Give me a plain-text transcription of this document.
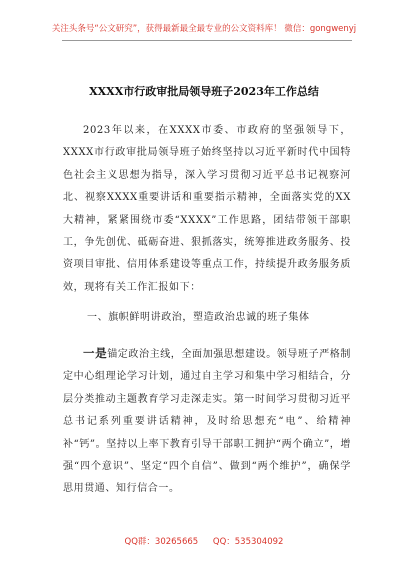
关注头条号“公文研究”，获得最新最全最专业的公文资料库！ 微信：gongwenyj
XXXX市行政审批局领导班子2023年工作总结

2023年以来，在XXXX市委、市政府的坚强领导下，XXXX市行政审批局领导班子始终坚持以习近平新时代中国特色社会主义思想为指导，深入学习贯彻习近平总书记视察河北、视察XXXX重要讲话和重要指示精神，全面落实党的XX大精神，紧紧围绕市委“XXXX”工作思路，团结带领干部职工，争先创优、砥砺奋进、狠抓落实，统筹推进政务服务、投资项目审批、信用体系建设等重点工作，持续提升政务服务质效，现将有关工作汇报如下：

一、旗帜鲜明讲政治，塑造政治忠诚的班子集体

一是锚定政治主线，全面加强思想建设。领导班子严格制定中心组理论学习计划，通过自主学习和集中学习相结合，分层分类推动主题教育学习走深走实。第一时间学习贯彻习近平总书记系列重要讲话精神，及时给思想充“电”、给精神补“钙”。坚持以上率下教育引导干部职工拥护“两个确立”，增强“四个意识”、坚定“四个自信”、做到“两个维护”，确保学思用贯通、知行信合一。

QQ群：30265665 QQ：535304092
